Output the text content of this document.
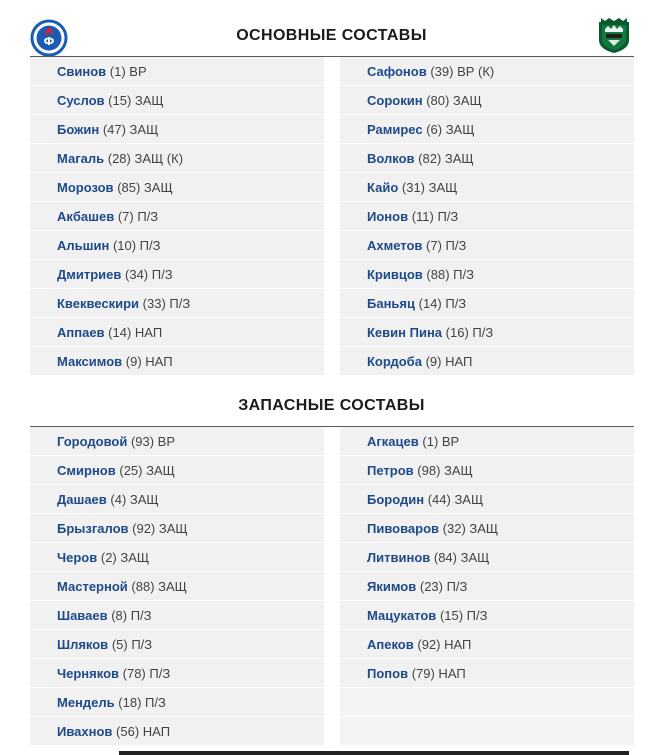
Ф	ОСНОВНЫЕ СОСТАВЫ
Свинов (1) ВР
Суслов (15) ЗАЩ
Божин (47) ЗАЩ
Магаль (28) ЗАЩ (К)
Морозов (85) ЗАЩ
Акбашев (7) П/З
Альшин (10) П/З
Дмитриев (34) П/З
Квеквескири (33) П/З
Аппаев (14) НАП
Максимов (9) НАП
Сафонов (39) ВР (К)
Сорокин (80) ЗАЩ
Рамирес (6) ЗАЩ
Волков (82) ЗАЩ
Кайо (31) ЗАЩ
Ионов (11) П/З
Ахметов (7) П/З
Кривцов (88) П/З
Баньяц (14) П/З
Кевин Пина (16) П/З
Кордоба (9) НАП
ЗАПАСНЫЕ СОСТАВЫ
Городовой (93) ВР
Смирнов (25) ЗАЩ
Дашаев (4) ЗАЩ
Брызгалов (92) ЗАЩ
Черов (2) ЗАЩ
Мастерной (88) ЗАЩ
Шаваев (8) П/З
Шляков (5) П/З
Черняков (78) П/З
Мендель (18) П/З
Ивахнов (56) НАП
Агкацев (1) ВР
Петров (98) ЗАЩ
Бородин (44) ЗАЩ
Пивоваров (32) ЗАЩ
Литвинов (84) ЗАЩ
Якимов (23) П/З
Мацукатов (15) П/З
Апеков (92) НАП
Попов (79) НАП
